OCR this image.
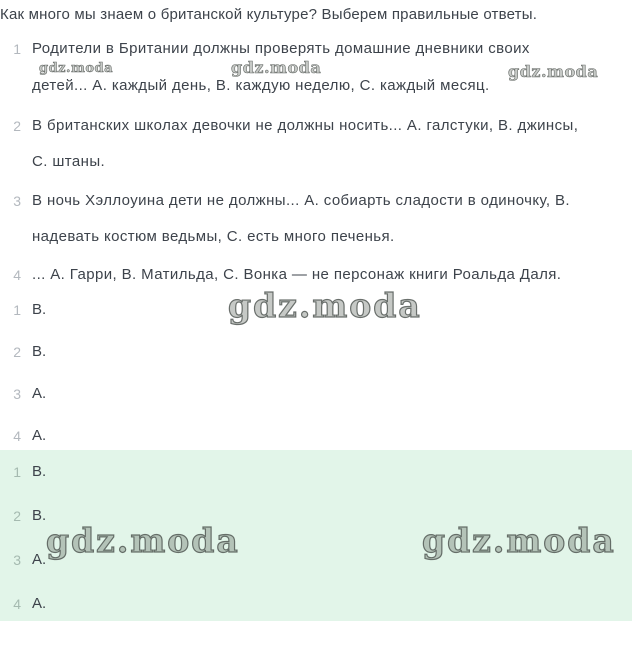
Как много мы знаем о британской культуре? Выберем правильные ответы.
1 Родители в Британии должны проверять домашние дневники своих
детей... А. каждый день, В. каждую неделю, С. каждый месяц.
2 В британских школах девочки не должны носить... А. галстуки, В. джинсы,
С. штаны.
3 В ночь Хэллоуина дети не должны... А. собиарть сладости в одиночку, В.
надевать костюм ведьмы, С. есть много печенья.
4 ... А. Гарри, В. Матильда, С. Вонка — не персонаж книги Роальда Даля.
1 В.
2 В.
3 А.
4 А.
1 В.
2 В.
3 А.
4 А.
gdz.moda	gdz.moda	gdz.moda
gdz.moda
gdz.moda	gdz.moda
